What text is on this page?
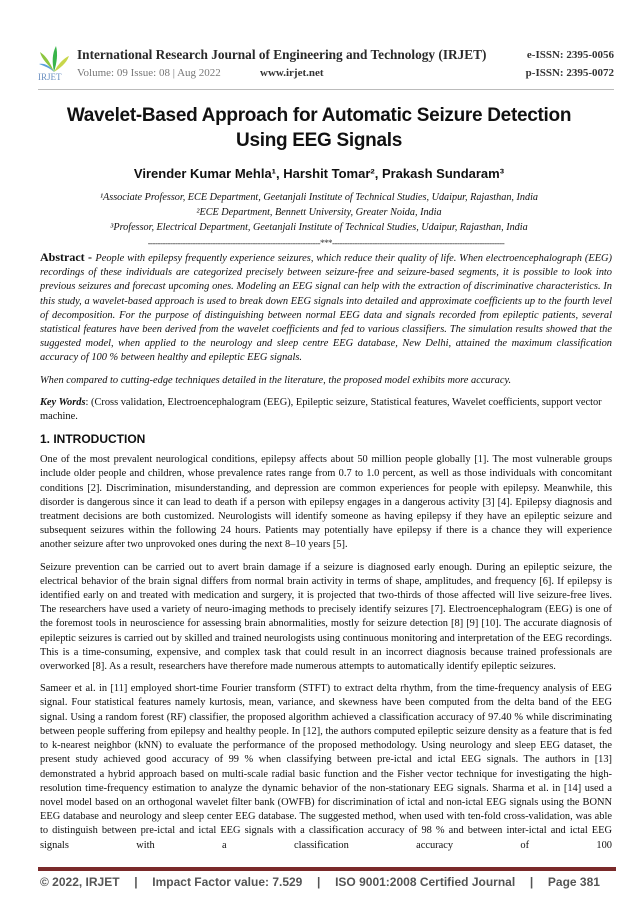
IRJET
International Research Journal of Engineering and Technology (IRJET)
Volume: 09 Issue: 08 | Aug 2022	www.irjet.net
e-ISSN: 2395-0056
p-ISSN: 2395-0072
Wavelet-Based Approach for Automatic Seizure Detection Using EEG Signals
Virender Kumar Mehla¹, Harshit Tomar², Prakash Sundaram³
¹Associate Professor, ECE Department, Geetanjali Institute of Technical Studies, Udaipur, Rajasthan, India
²ECE Department, Bennett University, Greater Noida, India
³Professor, Electrical Department, Geetanjali Institute of Technical Studies, Udaipur, Rajasthan, India
---------------------------------------------------------------------***---------------------------------------------------------------------
Abstract - People with epilepsy frequently experience seizures, which reduce their quality of life. When electroencephalograph (EEG) recordings of these individuals are categorized precisely between seizure-free and seizure-based segments, it is possible to look into previous seizures and forecast upcoming ones. Modeling an EEG signal can help with the extraction of discriminative characteristics. In this study, a wavelet-based approach is used to break down EEG signals into detailed and approximate coefficients up to the fourth level of decomposition. For the purpose of distinguishing between normal EEG data and signals recorded from epileptic patients, several statistical features have been derived from the wavelet coefficients and fed to various classifiers. The simulation results showed that the suggested model, when applied to the neurology and sleep centre EEG database, New Delhi, attained the maximum classification accuracy of 100 % between healthy and epileptic EEG signals.
When compared to cutting-edge techniques detailed in the literature, the proposed model exhibits more accuracy.
Key Words: (Cross validation, Electroencephalogram (EEG), Epileptic seizure, Statistical features, Wavelet coefficients, support vector machine.
1. INTRODUCTION
One of the most prevalent neurological conditions, epilepsy affects about 50 million people globally [1]. The most vulnerable groups include older people and children, whose prevalence rates range from 0.7 to 1.0 percent, as well as those individuals with concomitant conditions [2]. Discrimination, misunderstanding, and depression are common experiences for people with epilepsy. Meanwhile, this disorder is dangerous since it can lead to death if a person with epilepsy engages in a dangerous activity [3] [4]. Epilepsy diagnosis and treatment decisions are both customized. Neurologists will identify someone as having epilepsy if they have an epileptic seizure and subsequent seizures within the following 24 hours. Patients may potentially have epilepsy if there is a chance they will experience another seizure after two unprovoked ones during the next 8–10 years [5].
Seizure prevention can be carried out to avert brain damage if a seizure is diagnosed early enough. During an epileptic seizure, the electrical behavior of the brain signal differs from normal brain activity in terms of shape, amplitudes, and frequency [6]. If epilepsy is identified early on and treated with medication and surgery, it is projected that two-thirds of those affected will live seizure-free lives. The researchers have used a variety of neuro-imaging methods to precisely identify seizures [7]. Electroencephalogram (EEG) is one of the foremost tools in neuroscience for assessing brain abnormalities, mostly for seizure detection [8] [9] [10]. The accurate diagnosis of epileptic seizures is carried out by skilled and trained neurologists using continuous monitoring and interpretation of the EEG recordings. This is a time-consuming, expensive, and complex task that could result in an incorrect diagnosis because trained professionals are overworked [8]. As a result, researchers have therefore made numerous attempts to automatically identify epileptic seizures.
Sameer et al. in [11] employed short-time Fourier transform (STFT) to extract delta rhythm, from the time-frequency analysis of EEG signal. Four statistical features namely kurtosis, mean, variance, and skewness have been computed from the delta band of the EEG signal. Using a random forest (RF) classifier, the proposed algorithm achieved a classification accuracy of 97.40 % while discriminating between people suffering from epilepsy and healthy people. In [12], the authors computed epileptic seizure density as a feature that is fed to k-nearest neighbor (kNN) to evaluate the performance of the proposed methodology. Using neurology and sleep EEG dataset, the present study achieved good accuracy of 99 % when classifying between pre-ictal and ictal EEG signals. The authors in [13] demonstrated a hybrid approach based on multi-scale radial basic function and the Fisher vector technique for investigating the high-resolution time-frequency estimation to analyze the dynamic behavior of the non-stationary EEG signals. Sharma et al. in [14] used a novel model based on an orthogonal wavelet filter bank (OWFB) for discrimination of ictal and non-ictal EEG signals using the BONN EEG database and neurology and sleep center EEG database. The suggested method, when used with ten-fold cross-validation, was able to distinguish between pre-ictal and ictal EEG signals with a classification accuracy of 98 % and between inter-ictal and ictal EEG signals with a classification accuracy of 100
© 2022, IRJET | Impact Factor value: 7.529 | ISO 9001:2008 Certified Journal | Page 381
